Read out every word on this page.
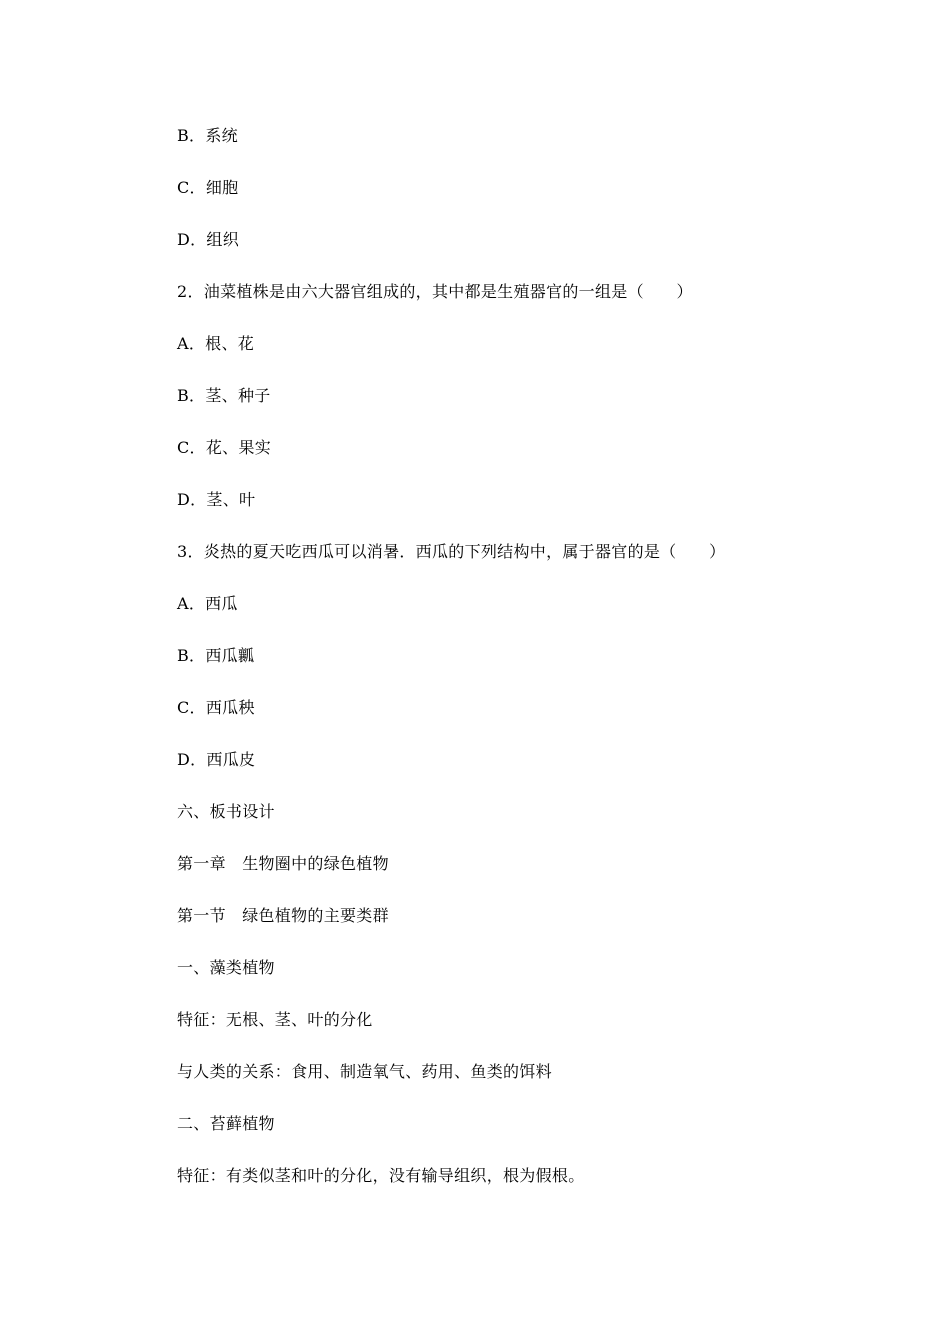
B．系统
C．细胞
D．组织
2．油菜植株是由六大器官组成的，其中都是生殖器官的一组是（　　）
A．根、花
B．茎、种子
C．花、果实
D．茎、叶
3．炎热的夏天吃西瓜可以消暑．西瓜的下列结构中，属于器官的是（　　）
A．西瓜
B．西瓜瓤
C．西瓜秧
D．西瓜皮
六、板书设计
第一章　生物圈中的绿色植物
第一节　绿色植物的主要类群
一、藻类植物
特征：无根、茎、叶的分化
与人类的关系：食用、制造氧气、药用、鱼类的饵料
二、苔藓植物
特征：有类似茎和叶的分化，没有输导组织，根为假根。
